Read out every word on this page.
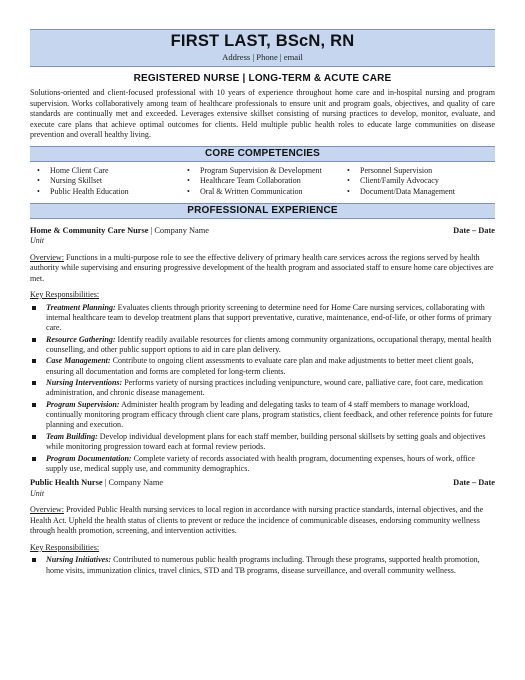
FIRST LAST, BScN, RN
Address | Phone | email
REGISTERED NURSE | LONG-TERM & ACUTE CARE
Solutions-oriented and client-focused professional with 10 years of experience throughout home care and in-hospital nursing and program supervision. Works collaboratively among team of healthcare professionals to ensure unit and program goals, objectives, and quality of care standards are continually met and exceeded. Leverages extensive skillset consisting of nursing practices to develop, monitor, evaluate, and execute care plans that achieve optimal outcomes for clients. Held multiple public health roles to educate large communities on disease prevention and overall healthy living.
CORE COMPETENCIES
• Home Client Care
• Nursing Skillset
• Public Health Education
• Program Supervision & Development
• Healthcare Team Collaboration
• Oral & Written Communication
• Personnel Supervision
• Client/Family Advocacy
• Document/Data Management
PROFESSIONAL EXPERIENCE
Home & Community Care Nurse | Company Name	Date – Date
Unit
Overview: Functions in a multi-purpose role to see the effective delivery of primary health care services across the regions served by health authority while supervising and ensuring progressive development of the health program and associated staff to ensure home care objectives are met.
Key Responsibilities:
Treatment Planning: Evaluates clients through priority screening to determine need for Home Care nursing services, collaborating with internal healthcare team to develop treatment plans that support preventative, curative, maintenance, end-of-life, or other forms of primary care.
Resource Gathering: Identify readily available resources for clients among community organizations, occupational therapy, mental health counselling, and other public support options to aid in care plan delivery.
Case Management: Contribute to ongoing client assessments to evaluate care plan and make adjustments to better meet client goals, ensuring all documentation and forms are completed for long-term clients.
Nursing Interventions: Performs variety of nursing practices including venipuncture, wound care, palliative care, foot care, medication administration, and chronic disease management.
Program Supervision: Administer health program by leading and delegating tasks to team of 4 staff members to manage workload, continually monitoring program efficacy through client care plans, program statistics, client feedback, and other reference points for future planning and execution.
Team Building: Develop individual development plans for each staff member, building personal skillsets by setting goals and objectives while monitoring progression toward each at formal review periods.
Program Documentation: Complete variety of records associated with health program, documenting expenses, hours of work, office supply use, medical supply use, and community demographics.
Public Health Nurse | Company Name	Date – Date
Unit
Overview: Provided Public Health nursing services to local region in accordance with nursing practice standards, internal objectives, and the Health Act. Upheld the health status of clients to prevent or reduce the incidence of communicable diseases, endorsing community wellness through health promotion, screening, and intervention activities.
Key Responsibilities:
Nursing Initiatives: Contributed to numerous public health programs including. Through these programs, supported health promotion, home visits, immunization clinics, travel clinics, STD and TB programs, disease surveillance, and overall community wellness.
